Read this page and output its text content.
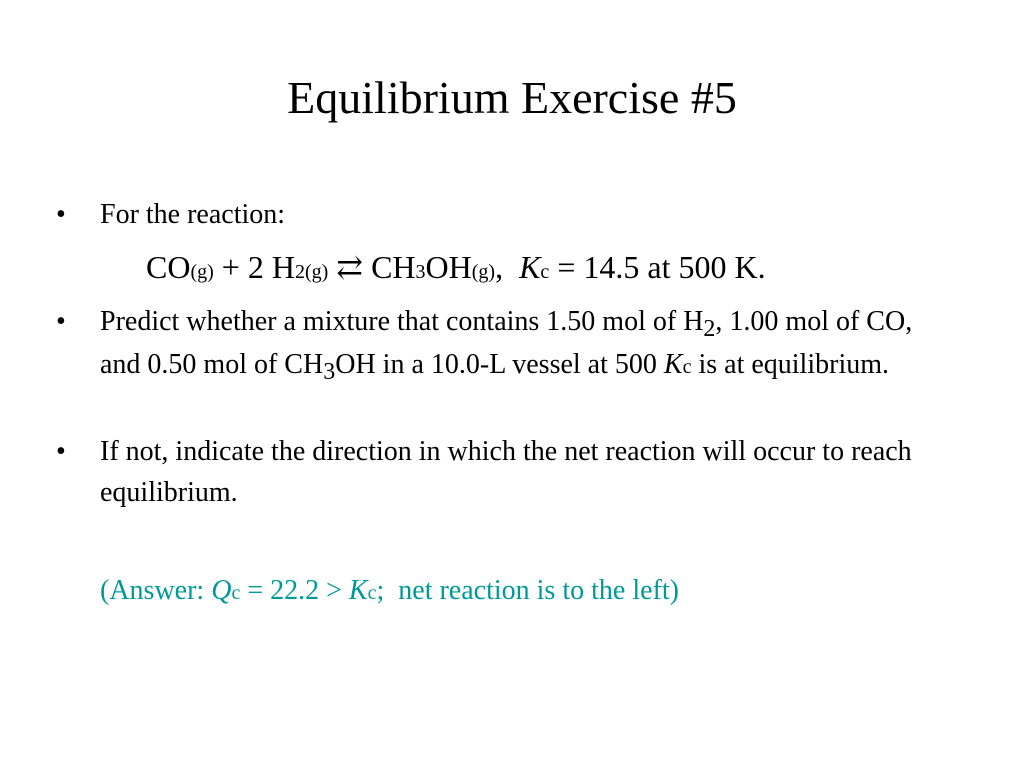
Equilibrium Exercise #5
•	For the reaction:
CO(g) + 2 H2(g) ⇄ CH3OH(g),  Kc = 14.5 at 500 K.
•	Predict whether a mixture that contains 1.50 mol of H2, 1.00 mol of CO, and 0.50 mol of CH3OH in a 10.0-L vessel at 500 Kc is at equilibrium.
•	If not, indicate the direction in which the net reaction will occur to reach equilibrium.
(Answer: Qc = 22.2 > Kc;  net reaction is to the left)
